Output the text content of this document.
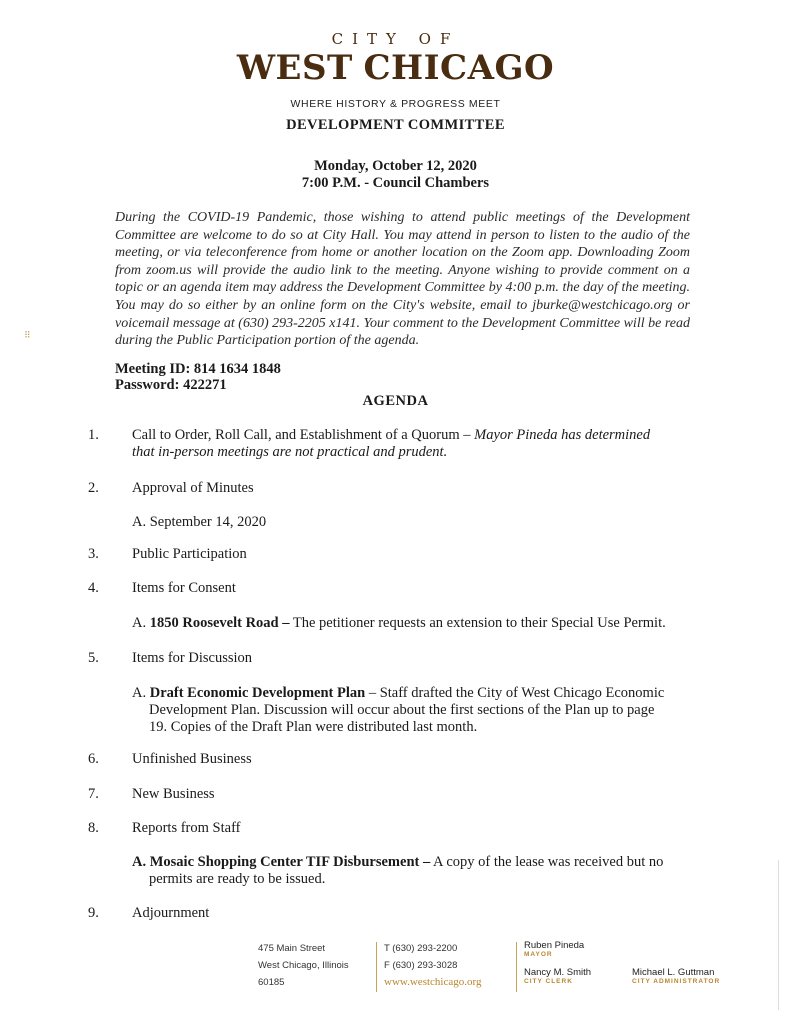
CITY OF
WEST CHICAGO
WHERE HISTORY & PROGRESS MEET
DEVELOPMENT COMMITTEE
Monday, October 12, 2020
7:00 P.M. - Council Chambers
During the COVID-19 Pandemic, those wishing to attend public meetings of the Development Committee are welcome to do so at City Hall. You may attend in person to listen to the audio of the meeting, or via teleconference from home or another location on the Zoom app. Downloading Zoom from zoom.us will provide the audio link to the meeting. Anyone wishing to provide comment on a topic or an agenda item may address the Development Committee by 4:00 p.m. the day of the meeting. You may do so either by an online form on the City's website, email to jburke@westchicago.org or voicemail message at (630) 293-2205 x141. Your comment to the Development Committee will be read during the Public Participation portion of the agenda.
⠿
Meeting ID: 814 1634 1848
Password: 422271
AGENDA
1. Call to Order, Roll Call, and Establishment of a Quorum – Mayor Pineda has determined
that in-person meetings are not practical and prudent.
2. Approval of Minutes
A. September 14, 2020
3. Public Participation
4. Items for Consent
A. 1850 Roosevelt Road – The petitioner requests an extension to their Special Use Permit.
5. Items for Discussion
A. Draft Economic Development Plan – Staff drafted the City of West Chicago Economic
Development Plan. Discussion will occur about the first sections of the Plan up to page
19. Copies of the Draft Plan were distributed last month.
6. Unfinished Business
7. New Business
8. Reports from Staff
A. Mosaic Shopping Center TIF Disbursement – A copy of the lease was received but no
permits are ready to be issued.
9. Adjournment
475 Main Street
West Chicago, Illinois
60185
T (630) 293-2200
F (630) 293-3028
www.westchicago.org
Ruben Pineda
MAYOR
Nancy M. Smith
CITY CLERK
Michael L. Guttman
CITY ADMINISTRATOR
